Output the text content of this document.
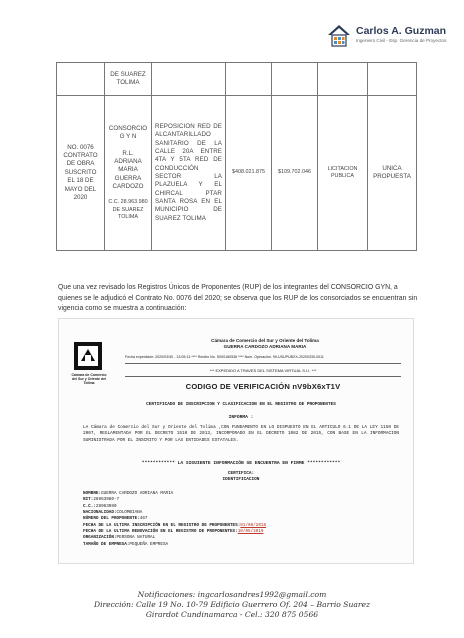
Carlos A. Guzman
Ingeniero Civil - Esp. Gerencia de Proyectos
	DE SUAREZ TOLIMA					
NO. 0076 CONTRATO DE OBRA SUSCRITO EL 18 DE MAYO DEL 2020	CONSORCIO G Y N
R.L. ADRIANA MARIA GUERRA CARDOZO
C.C. 28.963.980 DE SUAREZ TOLIMA	REPOSICION RED DE ALCANTARILLADO SANITARIO DE LA CALLE 20A ENTRE 4TA Y 5TA RED DE CONDUCCIÓN SECTOR LA PLAZUELA Y EL CHIRCAL PTAR SANTA ROSA EN EL MUNICIPIO DE SUAREZ TOLIMA	$408.021.875	$109.702.046	LICITACION PUBLICA	UNICA PROPUESTA
Que una vez revisado los Registros Únicos de Proponentes (RUP) de los integrantes del CONSORCIO GYN, a quienes se le adjudicó el Contrato No. 0076 del 2020; se observa que los RUP de los consorciados se encuentran sin vigencia como se muestra a continuación:
Cámara de Comercio del Sur y Oriente del Tolima
Cámara de Comercio del Sur y Oriente del Tolima
GUERRA CARDOZO ADRIANA MARIA
Fecha expedición: 2020/03/30 - 13:05:13 **** Recibo No. S000180536 **** Num. Operación. 99-USUPUBXX-20200330-0011
*** EXPEDIDO A TRAVES DEL SISTEMA VIRTUAL S.I.I. ***
CODIGO DE VERIFICACIÓN nV9bX6xT1V
CERTIFICADO DE INSCRIPCION Y CLASIFICACION EN EL REGISTRO DE PROPONENTES
INFORMA :
LA Cámara de Comercio del Sur y Oriente del Tolima ,CON FUNDAMENTO EN LO DISPUESTO EN EL ARTICULO 6.1 DE LA LEY 1150 DE 2007, REGLAMENTADA POR EL DECRETO 1510 DE 2013, INCORPORADO EN EL DECRETO 1082 DE 2015, CON BASE EN LA INFORMACION SUMINISTRADA POR EL INSCRITO Y POR LAS ENTIDADES ESTATALES.
************ LA SIGUIENTE INFORMACIÓN SE ENCUENTRA EN FIRME ************
CERTIFICA:
IDENTIFICACION
NOMBRE:GUERRA CARDOZO ADRIANA MARIA
NIT:28963980-7
C.C.:28963980
NACIONALIDAD:COLOMBIANA
NÚMERO DEL PROPONENTE:467
FECHA DE LA ULTIMA INSCRIPCIÓN EN EL REGISTRO DE PROPONENTES:01/08/2018
FECHA DE LA ULTIMA RENOVACIÓN EN EL REGISTRO DE PROPONENTES:10/05/2019
ORGANIZACIÓN:PERSONA NATURAL
TAMAÑO DE EMPRESA:PEQUEÑA EMPRESA
Notificaciones: ingcarlosandres1992@gmail.com
Dirección: Calle 19 No. 10-79 Edificio Guerrero Of. 204 – Barrio Suarez
Girardot Cundinamarca - Cel.: 320 875 0566
